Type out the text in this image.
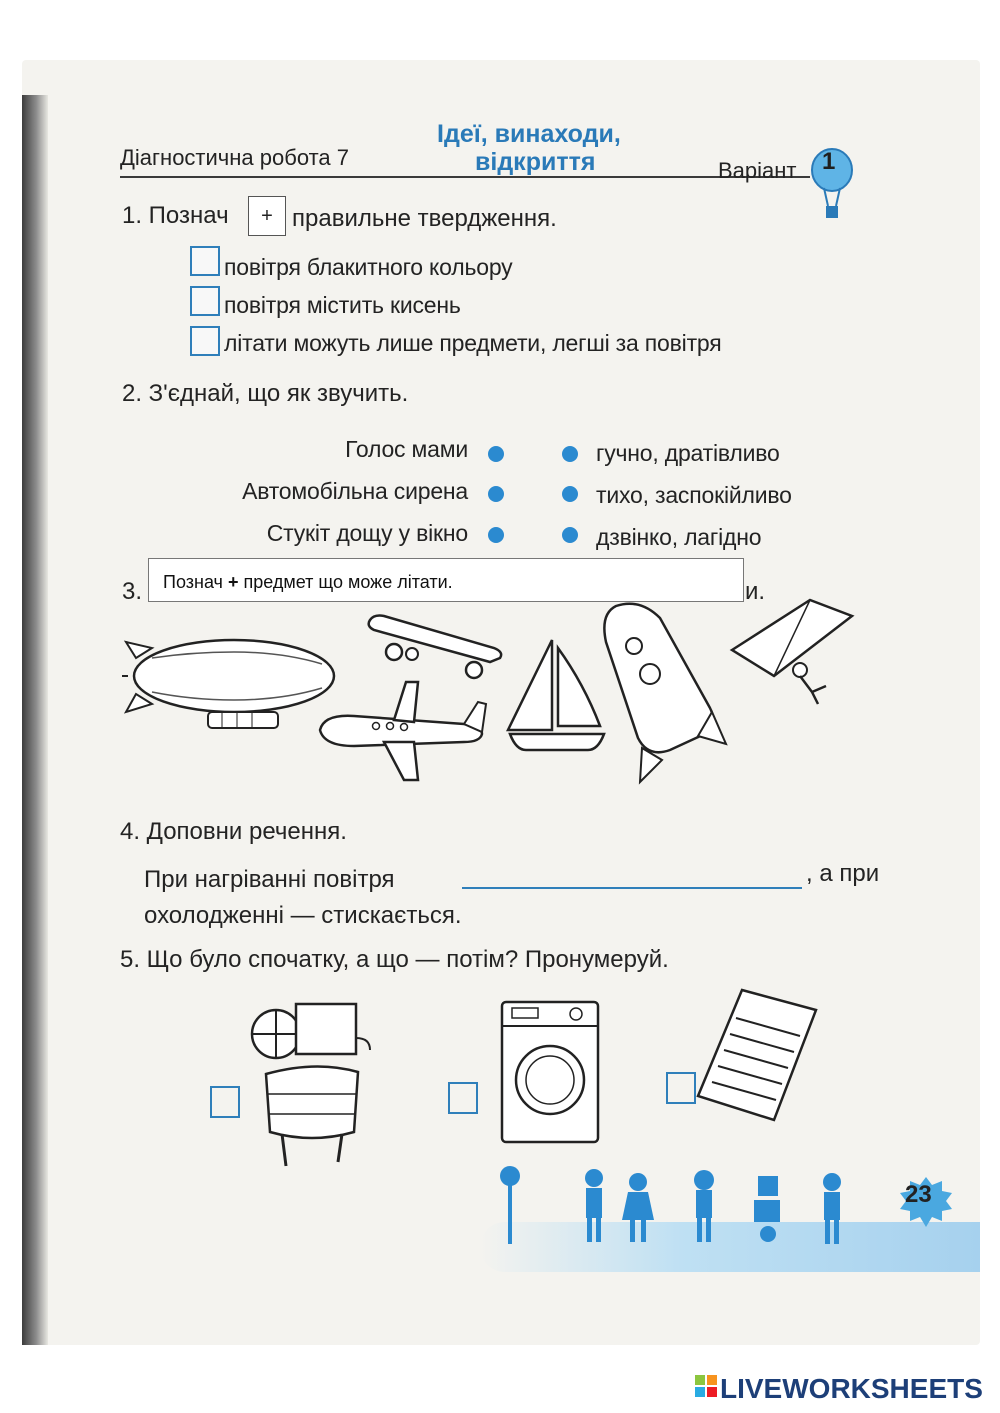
Діагностична робота 7
Ідеї, винаходи,
відкриття	Варіант 1
1. Познач	+ правильне твердження.
повітря блакитного кольору
повітря містить кисень
літати можуть лише предмети, легші за повітря
2. З'єднай, що як звучить.
Голос мами
Автомобільна сирена
Стукіт дощу у вікно
гучно, дратівливо
тихо, заспокійливо
дзвінко, лагідно
3. Познач + предмет що може літати.	и.
4. Доповни речення.
При нагріванні повітря	, а при
охолодженні — стискається.
5. Що було спочатку, а що — потім? Пронумеруй.
23
LIVEWORKSHEETS
